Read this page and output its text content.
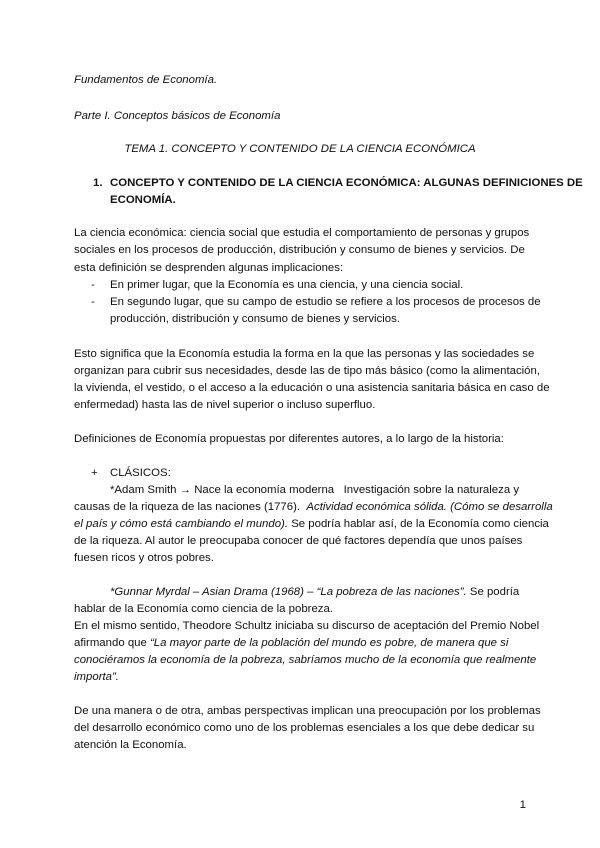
Fundamentos de Economía.
Parte I. Conceptos básicos de Economía
TEMA 1. CONCEPTO Y CONTENIDO DE LA CIENCIA ECONÓMICA
1. CONCEPTO Y CONTENIDO DE LA CIENCIA ECONÓMICA: ALGUNAS DEFINICIONES DE
ECONOMÍA.
La ciencia económica: ciencia social que estudia el comportamiento de personas y grupos
sociales en los procesos de producción, distribución y consumo de bienes y servicios. De
esta definición se desprenden algunas implicaciones:
- En primer lugar, que la Economía es una ciencia, y una ciencia social.
- En segundo lugar, que su campo de estudio se refiere a los procesos de procesos de
producción, distribución y consumo de bienes y servicios.
Esto significa que la Economía estudia la forma en la que las personas y las sociedades se
organizan para cubrir sus necesidades, desde las de tipo más básico (como la alimentación,
la vivienda, el vestido, o el acceso a la educación o una asistencia sanitaria básica en caso de
enfermedad) hasta las de nivel superior o incluso superfluo.
Definiciones de Economía propuestas por diferentes autores, a lo largo de la historia:
+ CLÁSICOS:
*Adam Smith → Nace la economía moderna Investigación sobre la naturaleza y
causas de la riqueza de las naciones (1776). Actividad económica sólida. (Cómo se desarrolla
el país y cómo está cambiando el mundo). Se podría hablar así, de la Economía como ciencia
de la riqueza. Al autor le preocupaba conocer de qué factores dependía que unos países
fuesen ricos y otros pobres.
*Gunnar Myrdal – Asian Drama (1968) – “La pobreza de las naciones”. Se podría
hablar de la Economía como ciencia de la pobreza.
En el mismo sentido, Theodore Schultz iniciaba su discurso de aceptación del Premio Nobel
afirmando que “La mayor parte de la población del mundo es pobre, de manera que si
conociéramos la economía de la pobreza, sabríamos mucho de la economía que realmente
importa”.
De una manera o de otra, ambas perspectivas implican una preocupación por los problemas
del desarrollo económico como uno de los problemas esenciales a los que debe dedicar su
atención la Economía.
1
